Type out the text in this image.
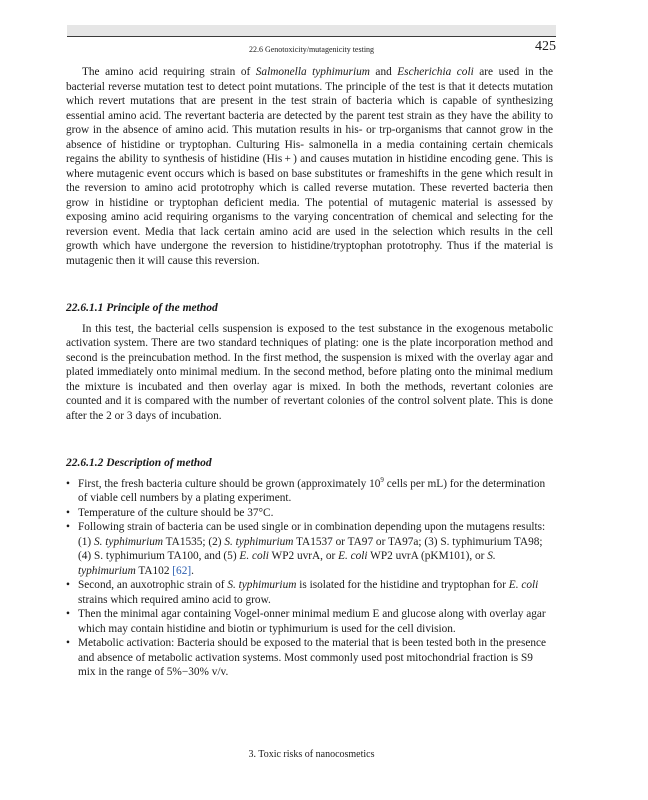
22.6 Genotoxicity/mutagenicity testing	425

The amino acid requiring strain of Salmonella typhimurium and Escherichia coli are used in the bacterial reverse mutation test to detect point mutations. The principle of the test is that it detects mutation which revert mutations that are present in the test strain of bacteria which is capable of synthesizing essential amino acid. The revertant bacteria are detected by the parent test strain as they have the ability to grow in the absence of amino acid. This mutation results in his- or trp-organisms that cannot grow in the absence of histidine or tryptophan. Culturing His- salmonella in a media containing certain chemicals regains the ability to synthesis of histidine (His + ) and causes mutation in histidine encoding gene. This is where mutagenic event occurs which is based on base substitutes or frameshifts in the gene which result in the reversion to amino acid prototrophy which is called reverse mutation. These reverted bacteria then grow in histidine or tryptophan deficient media. The potential of mutagenic material is assessed by exposing amino acid requiring organisms to the varying concentration of chemical and selecting for the reversion event. Media that lack certain amino acid are used in the selection which results in the cell growth which have undergone the reversion to histidine/tryptophan prototrophy. Thus if the material is mutagenic then it will cause this reversion.

22.6.1.1 Principle of the method

In this test, the bacterial cells suspension is exposed to the test substance in the exogenous metabolic activation system. There are two standard techniques of plating: one is the plate incorporation method and second is the preincubation method. In the first method, the suspension is mixed with the overlay agar and plated immediately onto minimal medium. In the second method, before plating onto the minimal medium the mixture is incubated and then overlay agar is mixed. In both the methods, revertant colonies are counted and it is compared with the number of revertant colonies of the control solvent plate. This is done after the 2 or 3 days of incubation.

22.6.1.2 Description of method
• First, the fresh bacteria culture should be grown (approximately $10^9$ cells per mL) for the determination of viable cell numbers by a plating experiment.
• Temperature of the culture should be 37°C.
• Following strain of bacteria can be used single or in combination depending upon the mutagens results: (1) S. typhimurium TA1535; (2) S. typhimurium TA1537 or TA97 or TA97a; (3) S. typhimurium TA98; (4) S. typhimurium TA100, and (5) E. coli WP2 uvrA, or E. coli WP2 uvrA (pKM101), or S. typhimurium TA102 [62].
• Second, an auxotrophic strain of S. typhimurium is isolated for the histidine and tryptophan for E. coli strains which required amino acid to grow.
• Then the minimal agar containing Vogel-onner minimal medium E and glucose along with overlay agar which may contain histidine and biotin or typhimurium is used for the cell division.
• Metabolic activation: Bacteria should be exposed to the material that is been tested both in the presence and absence of metabolic activation systems. Most commonly used post mitochondrial fraction is S9 mix in the range of 5%−30% v/v.
3. Toxic risks of nanocosmetics
